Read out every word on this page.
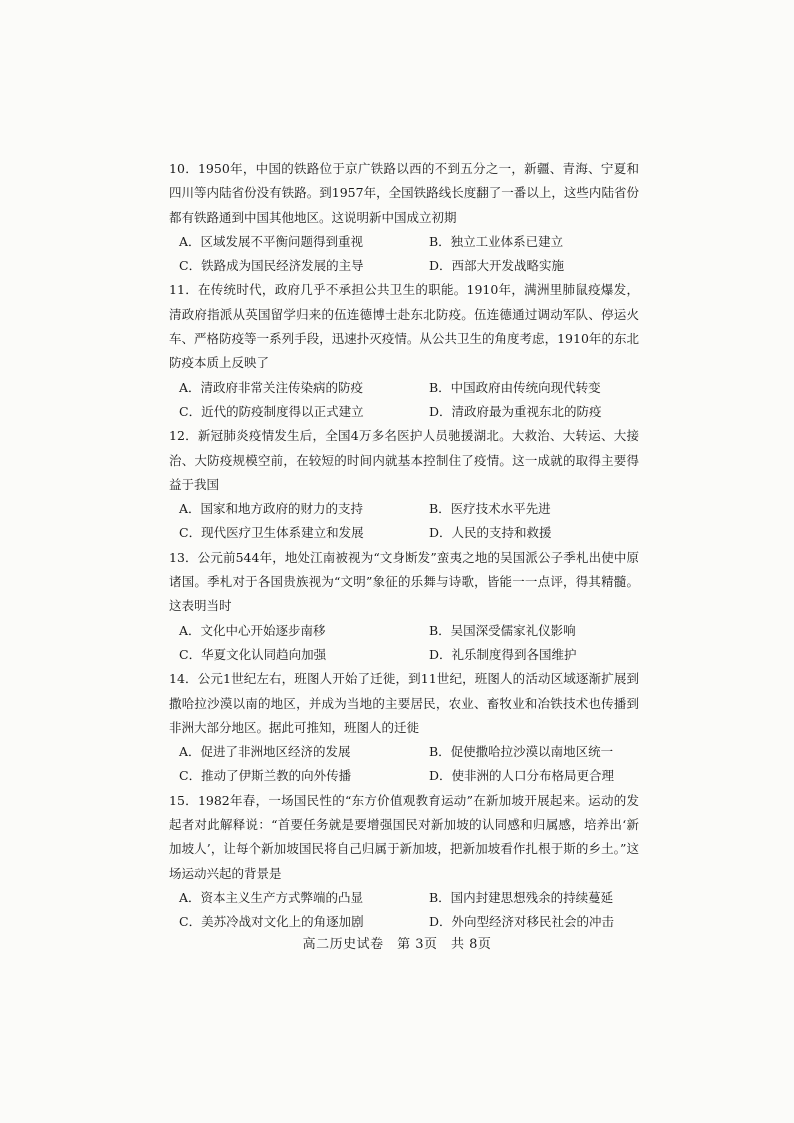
10．1950年，中国的铁路位于京广铁路以西的不到五分之一，新疆、青海、宁夏和四川等内陆省份没有铁路。到1957年，全国铁路线长度翻了一番以上，这些内陆省份都有铁路通到中国其他地区。这说明新中国成立初期

A．区域发展不平衡问题得到重视	B．独立工业体系已建立
C．铁路成为国民经济发展的主导	D．西部大开发战略实施

11．在传统时代，政府几乎不承担公共卫生的职能。1910年，满洲里肺鼠疫爆发，清政府指派从英国留学归来的伍连德博士赴东北防疫。伍连德通过调动军队、停运火车、严格防疫等一系列手段，迅速扑灭疫情。从公共卫生的角度考虑，1910年的东北防疫本质上反映了

A．清政府非常关注传染病的防疫	B．中国政府由传统向现代转变
C．近代的防疫制度得以正式建立	D．清政府最为重视东北的防疫

12．新冠肺炎疫情发生后，全国4万多名医护人员驰援湖北。大救治、大转运、大接治、大防疫规模空前，在较短的时间内就基本控制住了疫情。这一成就的取得主要得益于我国

A．国家和地方政府的财力的支持	B．医疗技术水平先进
C．现代医疗卫生体系建立和发展	D．人民的支持和救援

13．公元前544年，地处江南被视为“文身断发”蛮夷之地的吴国派公子季札出使中原诸国。季札对于各国贵族视为“文明”象征的乐舞与诗歌，皆能一一点评，得其精髓。这表明当时

A．文化中心开始逐步南移	B．吴国深受儒家礼仪影响
C．华夏文化认同趋向加强	D．礼乐制度得到各国维护

14．公元1世纪左右，班图人开始了迁徙，到11世纪，班图人的活动区域逐渐扩展到撒哈拉沙漠以南的地区，并成为当地的主要居民，农业、畜牧业和冶铁技术也传播到非洲大部分地区。据此可推知，班图人的迁徙

A．促进了非洲地区经济的发展	B．促使撒哈拉沙漠以南地区统一
C．推动了伊斯兰教的向外传播	D．使非洲的人口分布格局更合理

15．1982年春，一场国民性的“东方价值观教育运动”在新加坡开展起来。运动的发起者对此解释说：“首要任务就是要增强国民对新加坡的认同感和归属感，培养出‘新加坡人’，让每个新加坡国民将自己归属于新加坡，把新加坡看作扎根于斯的乡土。”这场运动兴起的背景是

A．资本主义生产方式弊端的凸显	B．国内封建思想残余的持续蔓延
C．美苏冷战对文化上的角逐加剧	D．外向型经济对移民社会的冲击
高二历史试卷　第 3页　共 8页
